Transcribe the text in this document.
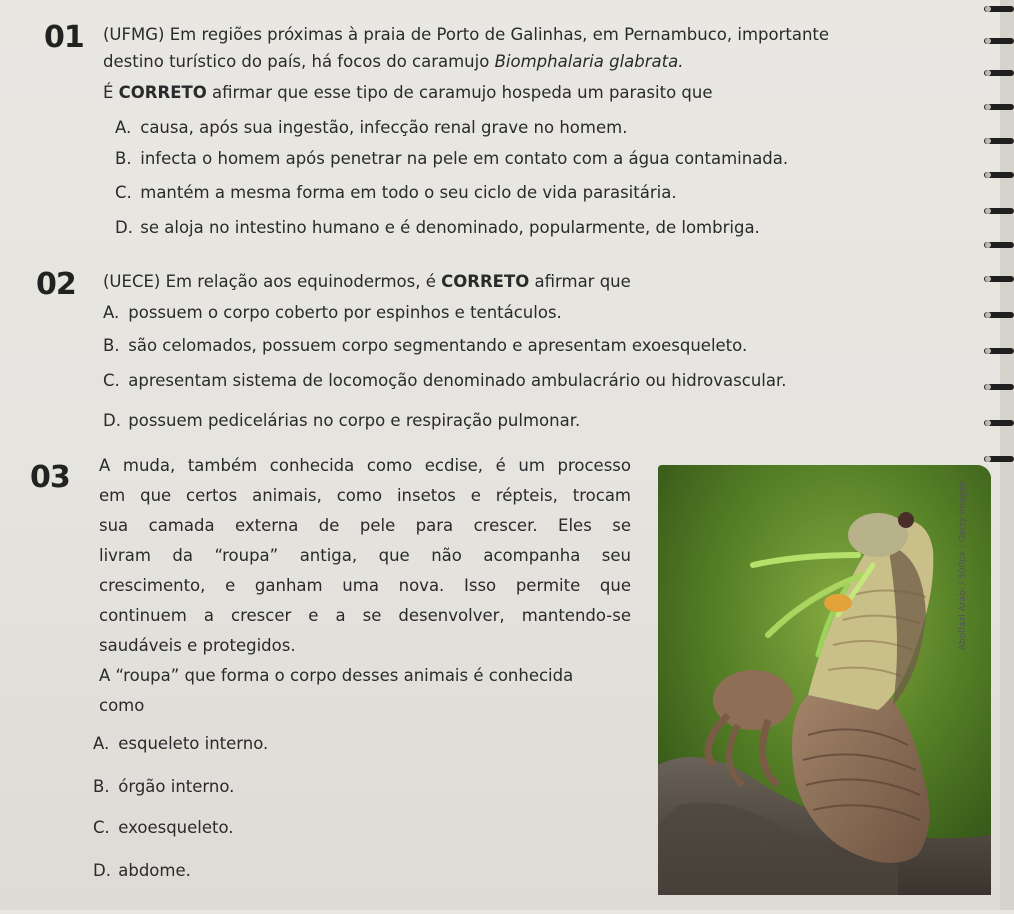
01 (UFMG) Em regiões próximas à praia de Porto de Galinhas, em Pernambuco, importante
destino turístico do país, há focos do caramujo Biomphalaria glabrata.
É CORRETO afirmar que esse tipo de caramujo hospeda um parasito que
A. causa, após sua ingestão, infecção renal grave no homem.
B. infecta o homem após penetrar na pele em contato com a água contaminada.
C. mantém a mesma forma em todo o seu ciclo de vida parasitária.
D. se aloja no intestino humano e é denominado, popularmente, de lombriga.
02 (UECE) Em relação aos equinodermos, é CORRETO afirmar que
A. possuem o corpo coberto por espinhos e tentáculos.
B. são celomados, possuem corpo segmentando e apresentam exoesqueleto.
C. apresentam sistema de locomoção denominado ambulacrário ou hidrovascular.
D. possuem pedicelárias no corpo e respiração pulmonar.
03 A muda, também conhecida como ecdise, é um processo
em que certos animais, como insetos e répteis, trocam
sua camada externa de pele para crescer. Eles se
livram da “roupa” antiga, que não acompanha seu
crescimento, e ganham uma nova. Isso permite que
continuem a crescer e a se desenvolver, mantendo-se
saudáveis e protegidos.
A “roupa” que forma o corpo desses animais é conhecida
como
A. esqueleto interno.
B. órgão interno.
C. exoesqueleto.
D. abdome.
Abolfazl Arabi / 500px / Getty Images
